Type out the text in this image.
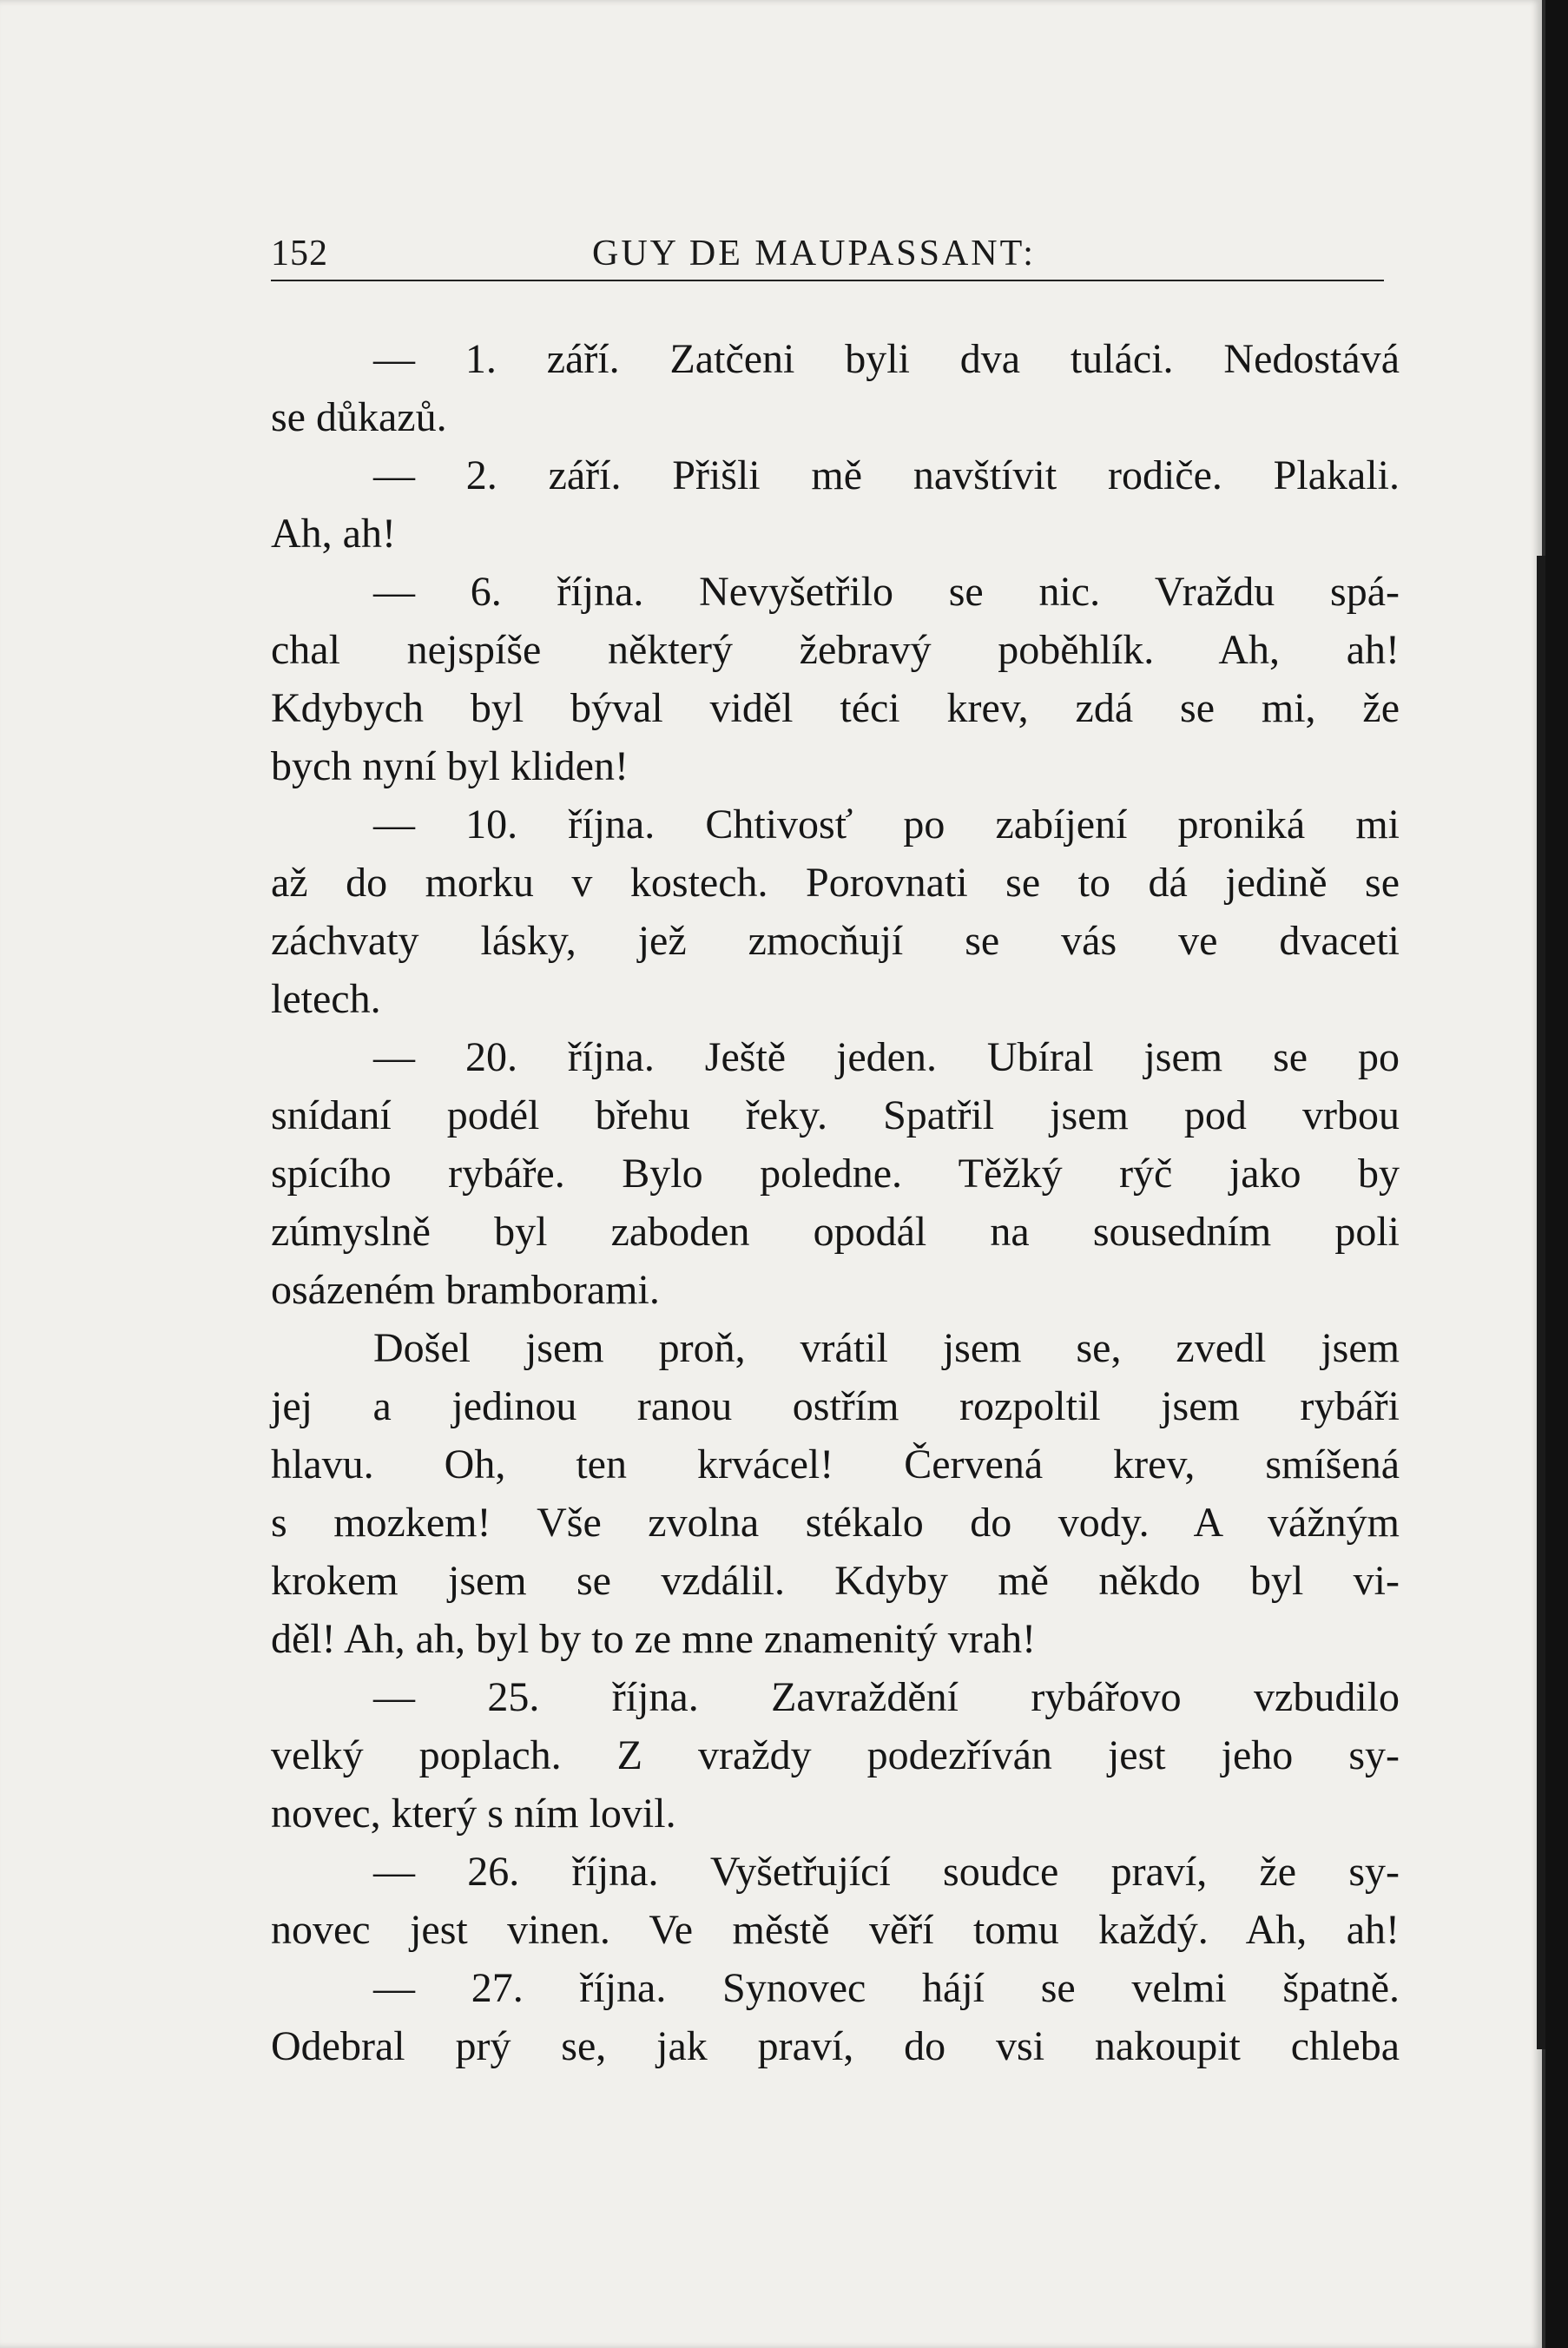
152	GUY DE MAUPASSANT:
— 1. září. Zatčeni byli dva tuláci. Nedostává
se důkazů.
— 2. září. Přišli mě navštívit rodiče. Plakali.
Ah, ah!
— 6. října. Nevyšetřilo se nic. Vraždu spá-
chal nejspíše některý žebravý poběhlík. Ah, ah!
Kdybych byl býval viděl téci krev, zdá se mi, že
bych nyní byl kliden!
— 10. října. Chtivosť po zabíjení proniká mi
až do morku v kostech. Porovnati se to dá jedině se
záchvaty lásky, jež zmocňují se vás ve dvaceti
letech.
— 20. října. Ještě jeden. Ubíral jsem se po
snídaní podél břehu řeky. Spatřil jsem pod vrbou
spícího rybáře. Bylo poledne. Těžký rýč jako by
zúmyslně byl zaboden opodál na sousedním poli
osázeném bramborami.
Došel jsem proň, vrátil jsem se, zvedl jsem
jej a jedinou ranou ostřím rozpoltil jsem rybáři
hlavu. Oh, ten krvácel! Červená krev, smíšená
s mozkem! Vše zvolna stékalo do vody. A vážným
krokem jsem se vzdálil. Kdyby mě někdo byl vi-
děl! Ah, ah, byl by to ze mne znamenitý vrah!
— 25. října. Zavraždění rybářovo vzbudilo
velký poplach. Z vraždy podezříván jest jeho sy-
novec, který s ním lovil.
— 26. října. Vyšetřující soudce praví, že sy-
novec jest vinen. Ve městě věří tomu každý. Ah, ah!
— 27. října. Synovec hájí se velmi špatně.
Odebral prý se, jak praví, do vsi nakoupit chleba
